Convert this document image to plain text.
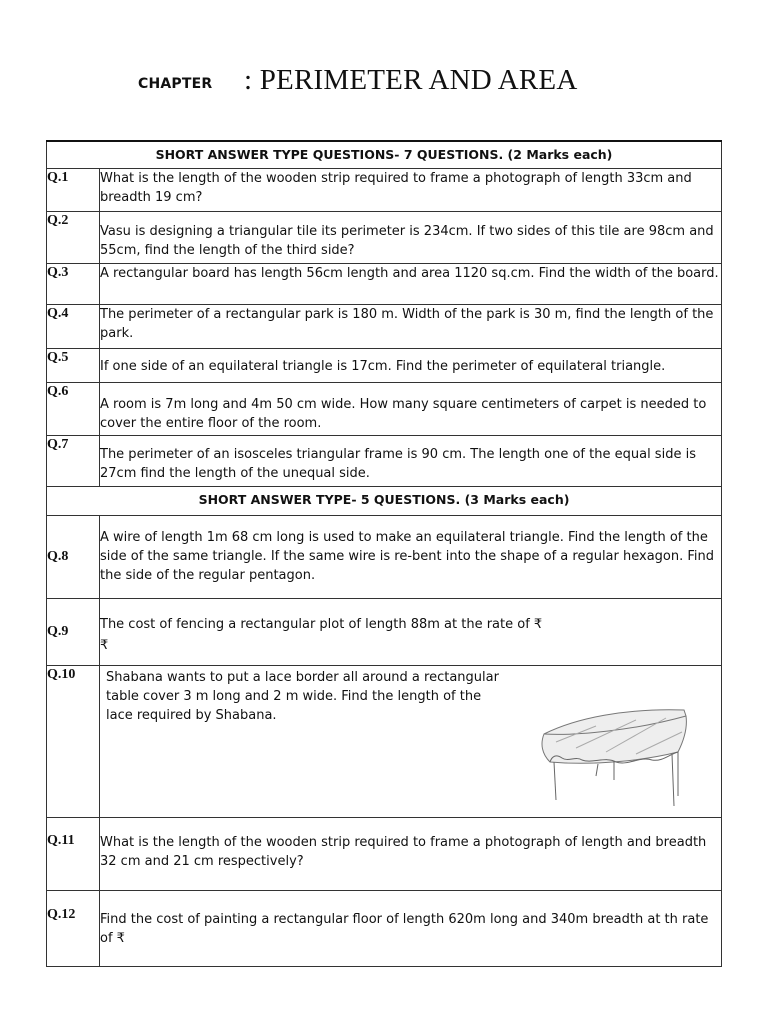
CHAPTER : PERIMETER AND AREA
SHORT ANSWER TYPE QUESTIONS- 7 QUESTIONS. (2 Marks each)	
Q.1	What is the length of the wooden strip required to frame a photograph of length 33cm and breadth 19 cm?
Q.2	Vasu is designing a triangular tile its perimeter is 234cm. If two sides of this tile are 98cm and 55cm, find the length of the third side?
Q.3	A rectangular board has length 56cm length and area 1120 sq.cm. Find the width of the board.
Q.4	The perimeter of a rectangular park is 180 m. Width of the park is 30 m, find the length of the park.
Q.5	If one side of an equilateral triangle is 17cm. Find the perimeter of equilateral triangle.
Q.6	A room is 7m long and 4m 50 cm wide. How many square centimeters of carpet is needed to cover the entire floor of the room.
Q.7	The perimeter of an isosceles triangular frame is 90 cm. The length one of the equal side is 27cm find the length of the unequal side.
SHORT ANSWER TYPE- 5 QUESTIONS. (3 Marks each)	
Q.8	A wire of length 1m 68 cm long is used to make an equilateral triangle. Find the length of the side of the same triangle. If the same wire is re-bent into the shape of a regular hexagon. Find the side of the regular pentagon.
Q.9	The cost of fencing a rectangular plot of length 88m at the rate of ₹
₹

Q.10	Shabana wants to put a lace border all around a rectangular table cover 3 m long and 2 m wide. Find the length of the lace required by Shabana.

Q.11	What is the length of the wooden strip required to frame a photograph of length and breadth 32 cm and 21 cm respectively?
Q.12	Find the cost of painting a rectangular floor of length 620m long and 340m breadth at th rate of ₹
